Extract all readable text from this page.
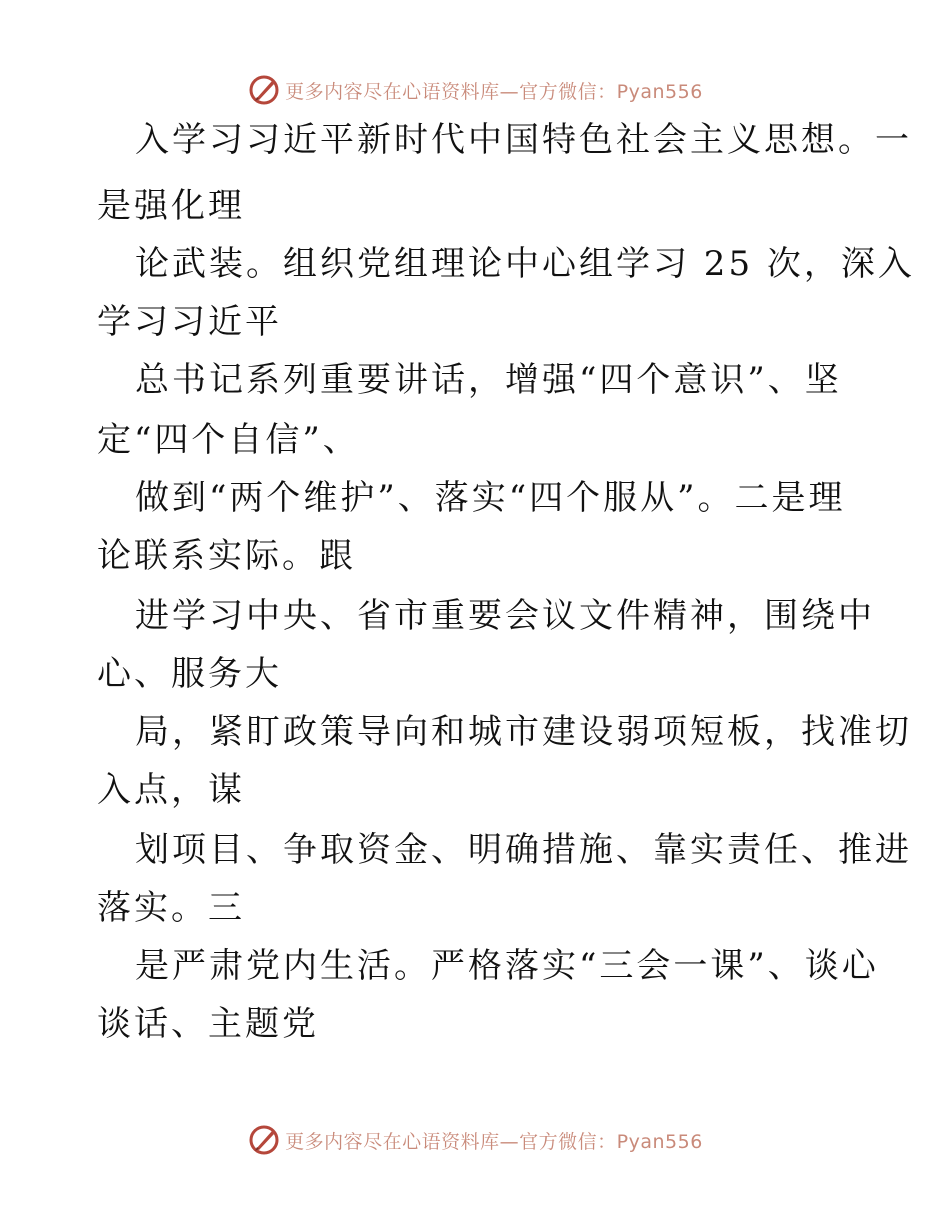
更多内容尽在心语资料库—官方微信：Pyan556
入学习习近平新时代中国特色社会主义思想。一
是强化理
论武装。组织党组理论中心组学习 25 次，深入
学习习近平
总书记系列重要讲话，增强“四个意识”、坚
定“四个自信”、
做到“两个维护”、落实“四个服从”。二是理
论联系实际。跟
进学习中央、省市重要会议文件精神，围绕中
心、服务大
局，紧盯政策导向和城市建设弱项短板，找准切
入点，谋
划项目、争取资金、明确措施、靠实责任、推进
落实。三
是严肃党内生活。严格落实“三会一课”、谈心
谈话、主题党
更多内容尽在心语资料库—官方微信：Pyan556
